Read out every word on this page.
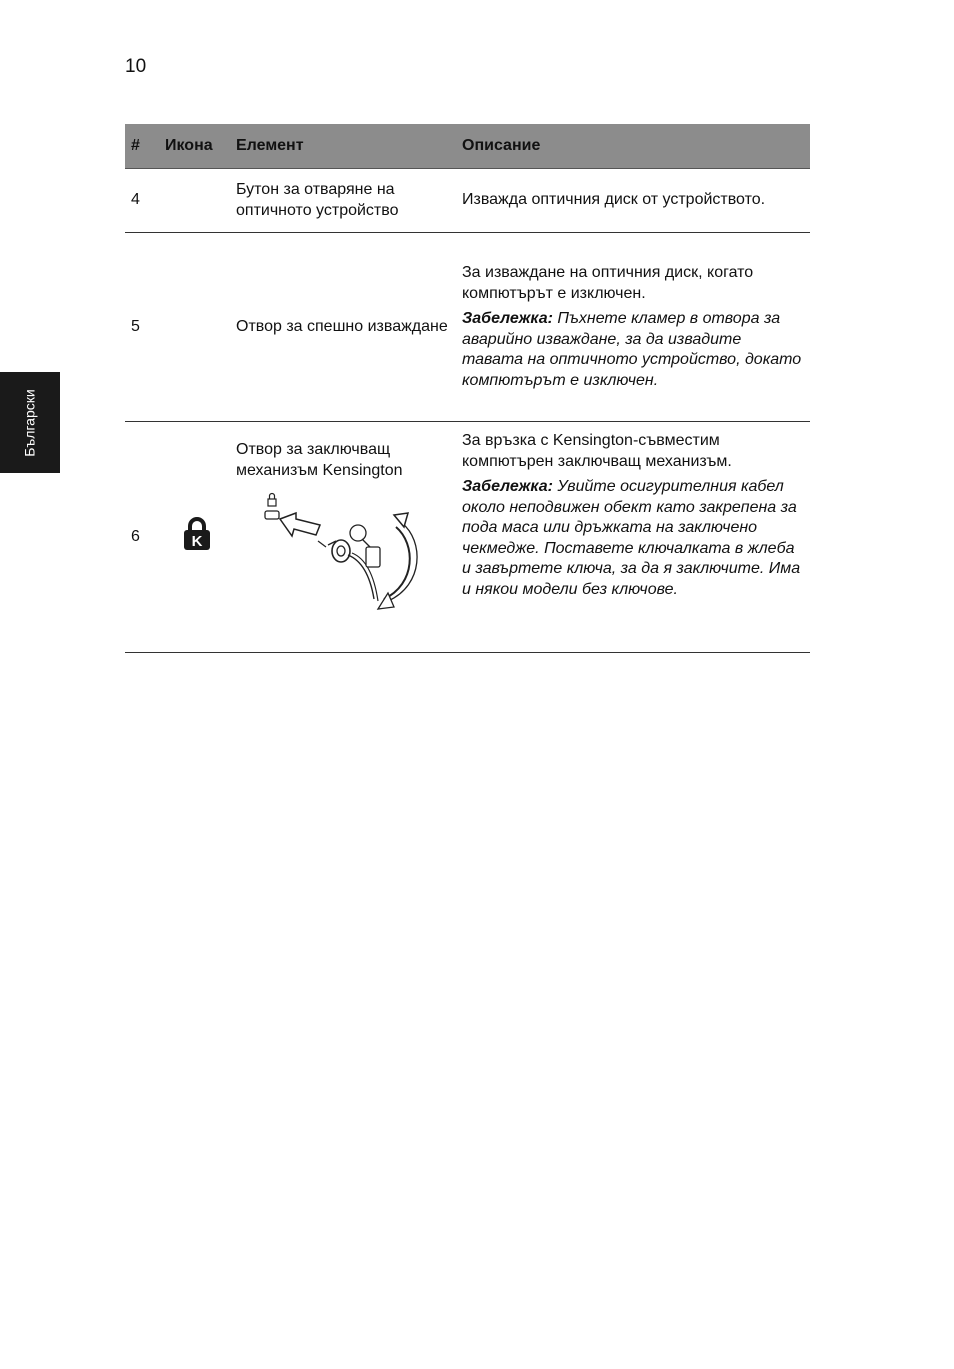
10
Български
#	Икона	Елемент	Описание
4		Бутон за отваряне на оптичното устройство	Изважда оптичния диск от устройството.
5		Отвор за спешно изваждане	За изваждане на оптичния диск, когато компютърът е изключен.
Забележка: Пъхнете кламер в отвора за аварийно изваждане, за да извадите тавата на оптичното устройство, докато компютърът е изключен.

6	K	Отвор за заключващ механизъм Kensington	За връзка с Kensington-съвместим компютърен заключващ механизъм.
Забележка: Увийте осигурителния кабел около неподвижен обект като закрепена за пода маса или дръжката на заключено чекмедже. Поставете ключалката в жлеба и завъртете ключа, за да я заключите. Има и някои модели без ключове.
